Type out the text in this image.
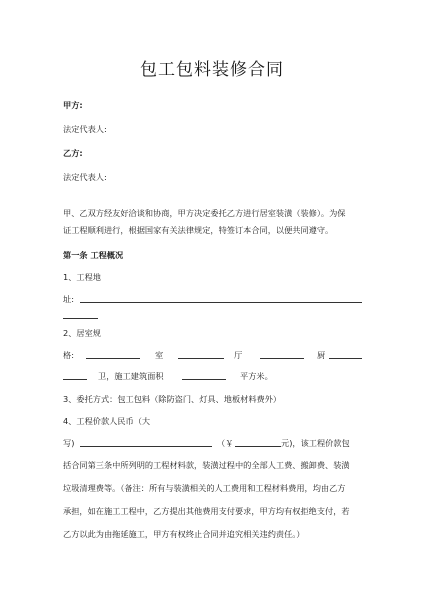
包工包料装修合同
甲方:
法定代表人:
乙方:
法定代表人:
甲、乙双方经友好洽谈和协商，甲方决定委托乙方进行居室装潢（装修）。为保
证工程顺利进行，根据国家有关法律规定，特签订本合同，以便共同遵守。
第一条 工程概况
1、工程地
址:
2、居室规
格:	室	厅	厨
卫，施工建筑面积	平方米。
3、委托方式：包工包料（除防盗门、灯具、地板材料费外）
4、工程价款人民币（大
写)	（￥	元)，该工程价款包
括合同第三条中所列明的工程材料款，装潢过程中的全部人工费、搬卸费、装潢
垃圾清理费等。（备注：所有与装潢相关的人工费用和工程材料费用，均由乙方
承担，如在施工工程中，乙方提出其他费用支付要求，甲方均有权拒绝支付，若
乙方以此为由拖延施工，甲方有权终止合同并追究相关违约责任。）
